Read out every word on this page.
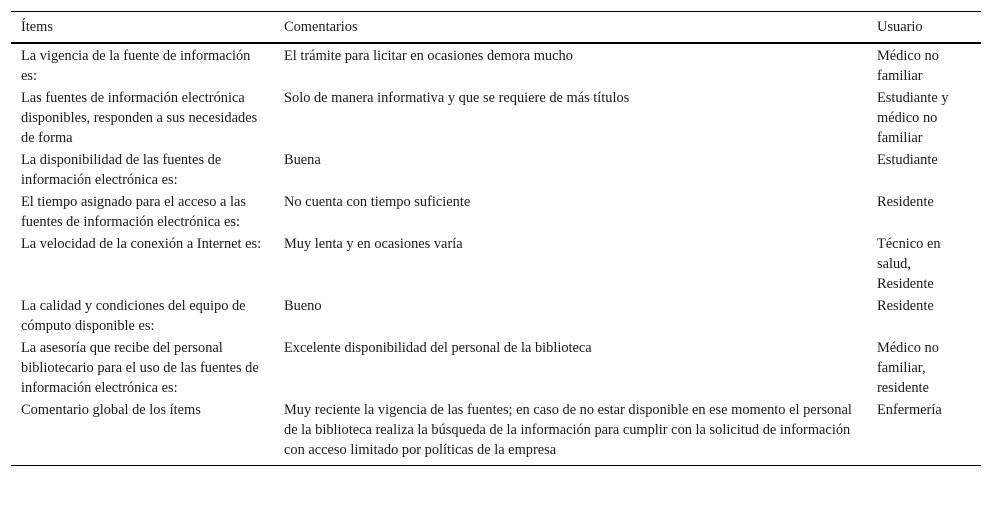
Ítems	Comentarios	Usuario
La vigencia de la fuente de información es:	El trámite para licitar en ocasiones demora mucho	Médico no familiar
Las fuentes de información electrónica disponibles, responden a sus necesidades de forma	Solo de manera informativa y que se requiere de más títulos	Estudiante y médico no familiar
La disponibilidad de las fuentes de información electrónica es:	Buena	Estudiante
El tiempo asignado para el acceso a las fuentes de información electrónica es:	No cuenta con tiempo suficiente	Residente
La velocidad de la conexión a Internet es:	Muy lenta y en ocasiones varía	Técnico en salud, Residente
La calidad y condiciones del equipo de cómputo disponible es:	Bueno	Residente
La asesoría que recibe del personal bibliotecario para el uso de las fuentes de información electrónica es:	Excelente disponibilidad del personal de la biblioteca	Médico no familiar, residente
Comentario global de los ítems	Muy reciente la vigencia de las fuentes; en caso de no estar disponible en ese momento el personal de la biblioteca realiza la búsqueda de la información para cumplir con la solicitud de información con acceso limitado por políticas de la empresa	Enfermería
